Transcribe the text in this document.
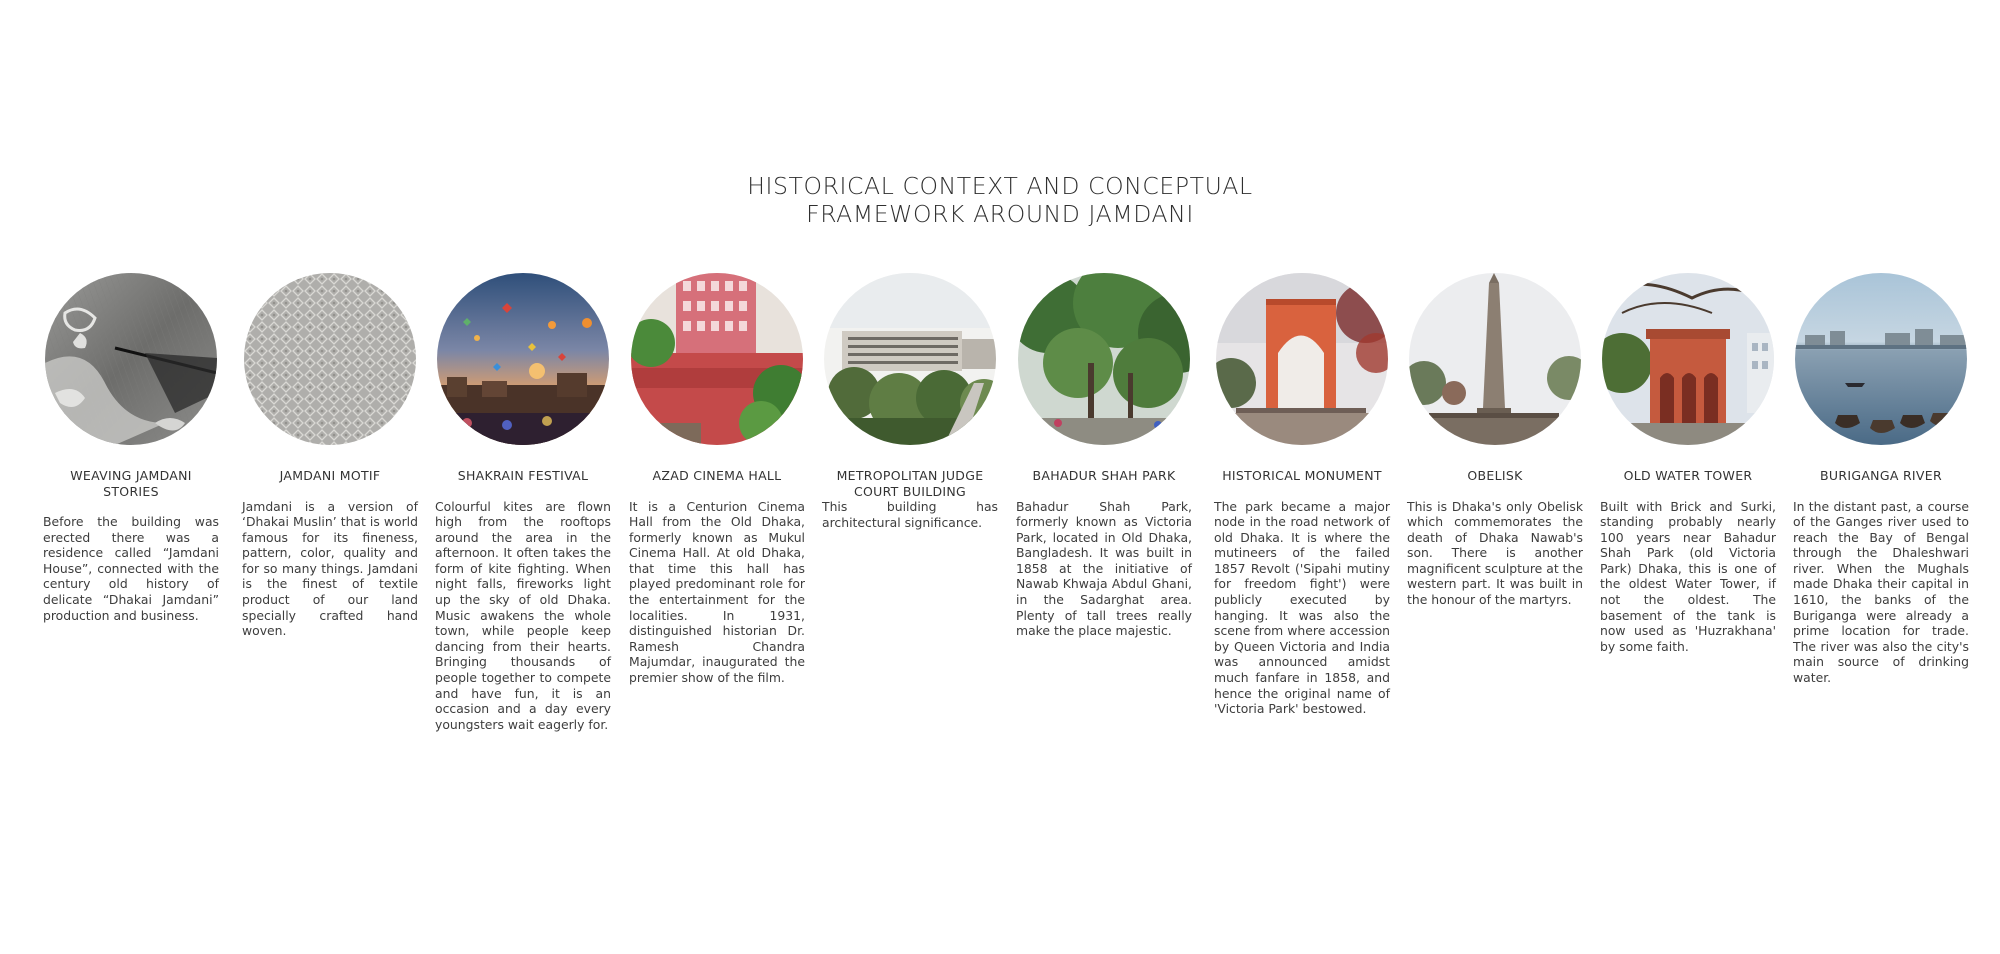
HISTORICAL CONTEXT AND CONCEPTUAL
FRAMEWORK AROUND JAMDANI
WEAVING JAMDANI STORIES
Before the building was erected there was a residence called “Jamdani House”, connected with the century old history of delicate “Dhakai Jamdani” production and business.
JAMDANI MOTIF
Jamdani is a version of ‘Dhakai Muslin’ that is world famous for its fineness, pattern, color, quality and for so many things. Jamdani is the finest of textile product of our land specially crafted hand woven.
SHAKRAIN FESTIVAL
Colourful kites are flown high from the rooftops around the area in the afternoon. It often takes the form of kite fighting. When night falls, fireworks light up the sky of old Dhaka. Music awakens the whole town, while people keep dancing from their hearts. Bringing thousands of people together to compete and have fun, it is an occasion and a day every youngsters wait eagerly for.
AZAD CINEMA HALL
It is a Centurion Cinema Hall from the Old Dhaka, formerly known as Mukul Cinema Hall. At old Dhaka, that time this hall has played predominant role for the entertainment for the localities. In 1931, distinguished historian Dr. Ramesh Chandra Majumdar, inaugurated the premier show of the film.
METROPOLITAN JUDGE
COURT BUILDING
This building has architectural significance.
BAHADUR SHAH PARK
Bahadur Shah Park, formerly known as Victoria Park, located in Old Dhaka, Bangladesh. It was built in 1858 at the initiative of Nawab Khwaja Abdul Ghani, in the Sadarghat area. Plenty of tall trees really make the place majestic.
HISTORICAL MONUMENT
The park became a major node in the road network of old Dhaka. It is where the mutineers of the failed 1857 Revolt ('Sipahi mutiny for freedom fight') were publicly executed by hanging. It was also the scene from where accession by Queen Victoria and India was announced amidst much fanfare in 1858, and hence the original name of 'Victoria Park' bestowed.
OBELISK
This is Dhaka's only Obelisk which commemorates the death of Dhaka Nawab's son. There is another magnificent sculpture at the western part. It was built in the honour of the martyrs.
OLD WATER TOWER
Built with Brick and Surki, standing probably nearly 100 years near Bahadur Shah Park (old Victoria Park) Dhaka, this is one of the oldest Water Tower, if not the oldest. The basement of the tank is now used as 'Huzrakhana' by some faith.
BURIGANGA RIVER
In the distant past, a course of the Ganges river used to reach the Bay of Bengal through the Dhaleshwari river. When the Mughals made Dhaka their capital in 1610, the banks of the Buriganga were already a prime location for trade. The river was also the city's main source of drinking water.
